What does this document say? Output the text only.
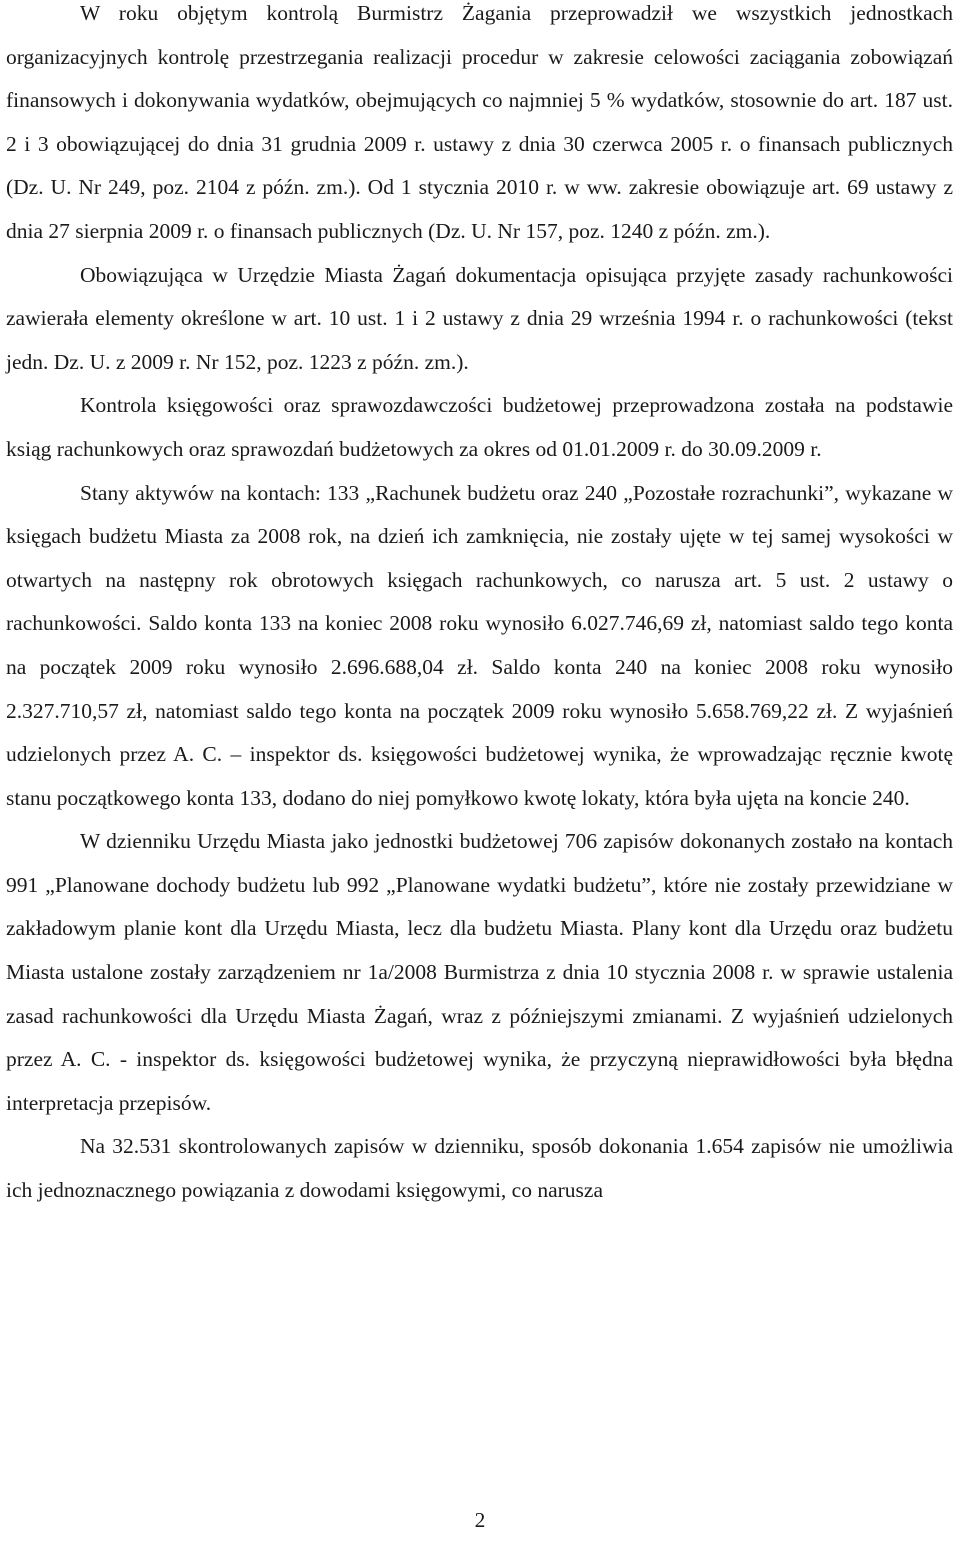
W roku objętym kontrolą Burmistrz Żagania przeprowadził we wszystkich jednostkach organizacyjnych kontrolę przestrzegania realizacji procedur w zakresie celowości zaciągania zobowiązań finansowych i dokonywania wydatków, obejmujących co najmniej 5 % wydatków, stosownie do art. 187 ust. 2 i 3 obowiązującej do dnia 31 grudnia 2009 r. ustawy z dnia 30 czerwca 2005 r. o finansach publicznych (Dz. U. Nr 249, poz. 2104 z późn. zm.). Od 1 stycznia 2010 r. w ww. zakresie obowiązuje art. 69 ustawy z dnia 27 sierpnia 2009 r. o finansach publicznych (Dz. U. Nr 157, poz. 1240 z późn. zm.).

Obowiązująca w Urzędzie Miasta Żagań dokumentacja opisująca przyjęte zasady rachunkowości zawierała elementy określone w art. 10 ust. 1 i 2 ustawy z dnia 29 września 1994 r. o rachunkowości (tekst jedn. Dz. U. z 2009 r. Nr 152, poz. 1223 z późn. zm.).

Kontrola księgowości oraz sprawozdawczości budżetowej przeprowadzona została na podstawie ksiąg rachunkowych oraz sprawozdań budżetowych za okres od 01.01.2009 r. do 30.09.2009 r.

Stany aktywów na kontach: 133 „Rachunek budżetu oraz 240 „Pozostałe rozrachunki”, wykazane w księgach budżetu Miasta za 2008 rok, na dzień ich zamknięcia, nie zostały ujęte w tej samej wysokości w otwartych na następny rok obrotowych księgach rachunkowych, co narusza art. 5 ust. 2 ustawy o rachunkowości. Saldo konta 133 na koniec 2008 roku wynosiło 6.027.746,69 zł, natomiast saldo tego konta na początek 2009 roku wynosiło 2.696.688,04 zł. Saldo konta 240 na koniec 2008 roku wynosiło 2.327.710,57 zł, natomiast saldo tego konta na początek 2009 roku wynosiło 5.658.769,22 zł. Z wyjaśnień udzielonych przez A. C. – inspektor ds. księgowości budżetowej wynika, że wprowadzając ręcznie kwotę stanu początkowego konta 133, dodano do niej pomyłkowo kwotę lokaty, która była ujęta na koncie 240.

W dzienniku Urzędu Miasta jako jednostki budżetowej 706 zapisów dokonanych zostało na kontach 991 „Planowane dochody budżetu lub 992 „Planowane wydatki budżetu”, które nie zostały przewidziane w zakładowym planie kont dla Urzędu Miasta, lecz dla budżetu Miasta. Plany kont dla Urzędu oraz budżetu Miasta ustalone zostały zarządzeniem nr 1a/2008 Burmistrza z dnia 10 stycznia 2008 r. w sprawie ustalenia zasad rachunkowości dla Urzędu Miasta Żagań, wraz z późniejszymi zmianami. Z wyjaśnień udzielonych przez A. C. - inspektor ds. księgowości budżetowej wynika, że przyczyną nieprawidłowości była błędna interpretacja przepisów.

Na 32.531 skontrolowanych zapisów w dzienniku, sposób dokonania 1.654 zapisów nie umożliwia ich jednoznacznego powiązania z dowodami księgowymi, co narusza

2
